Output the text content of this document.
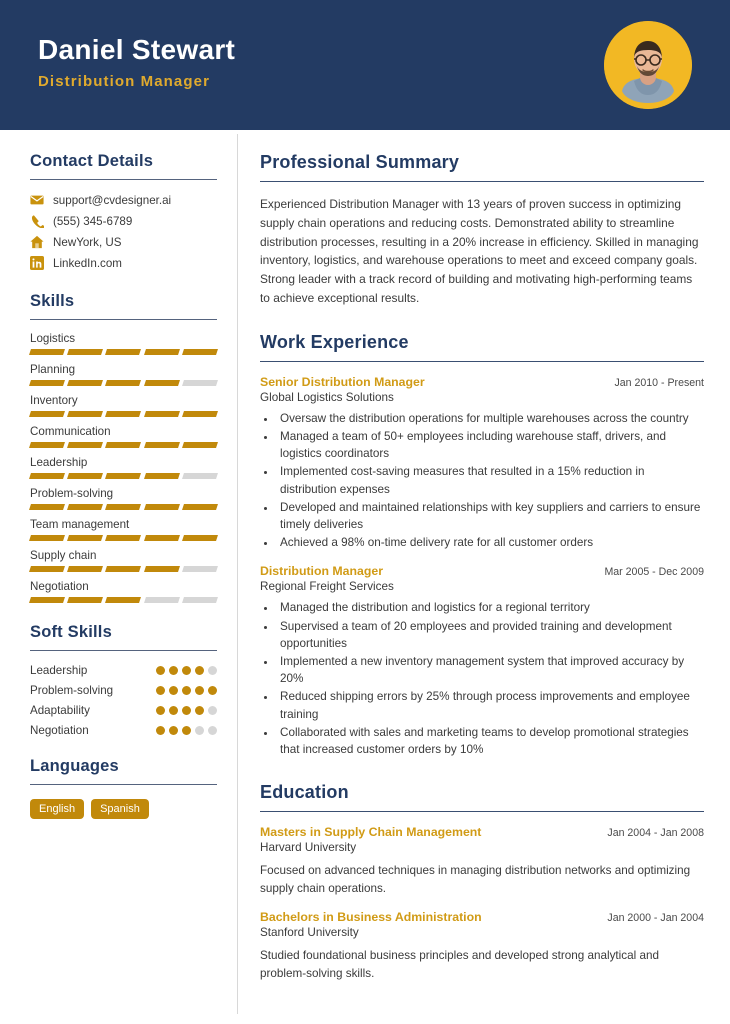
Daniel Stewart
Distribution Manager
Contact Details
support@cvdesigner.ai
(555) 345-6789
NewYork, US
LinkedIn.com
Skills
Logistics
Planning
Inventory
Communication
Leadership
Problem-solving
Team management
Supply chain
Negotiation
Soft Skills
Leadership
Problem-solving
Adaptability
Negotiation
Languages
English	Spanish
Professional Summary
Experienced Distribution Manager with 13 years of proven success in optimizing supply chain operations and reducing costs. Demonstrated ability to streamline distribution processes, resulting in a 20% increase in efficiency. Skilled in managing inventory, logistics, and warehouse operations to meet and exceed company goals. Strong leader with a track record of building and motivating high-performing teams to achieve exceptional results.
Work Experience
Senior Distribution Manager	Jan 2010 - Present
Global Logistics Solutions
• Oversaw the distribution operations for multiple warehouses across the country
• Managed a team of 50+ employees including warehouse staff, drivers, and logistics coordinators
• Implemented cost-saving measures that resulted in a 15% reduction in distribution expenses
• Developed and maintained relationships with key suppliers and carriers to ensure timely deliveries
• Achieved a 98% on-time delivery rate for all customer orders
Distribution Manager	Mar 2005 - Dec 2009
Regional Freight Services
• Managed the distribution and logistics for a regional territory
• Supervised a team of 20 employees and provided training and development opportunities
• Implemented a new inventory management system that improved accuracy by 20%
• Reduced shipping errors by 25% through process improvements and employee training
• Collaborated with sales and marketing teams to develop promotional strategies that increased customer orders by 10%
Education
Masters in Supply Chain Management	Jan 2004 - Jan 2008
Harvard University
Focused on advanced techniques in managing distribution networks and optimizing supply chain operations.
Bachelors in Business Administration	Jan 2000 - Jan 2004
Stanford University
Studied foundational business principles and developed strong analytical and problem-solving skills.
